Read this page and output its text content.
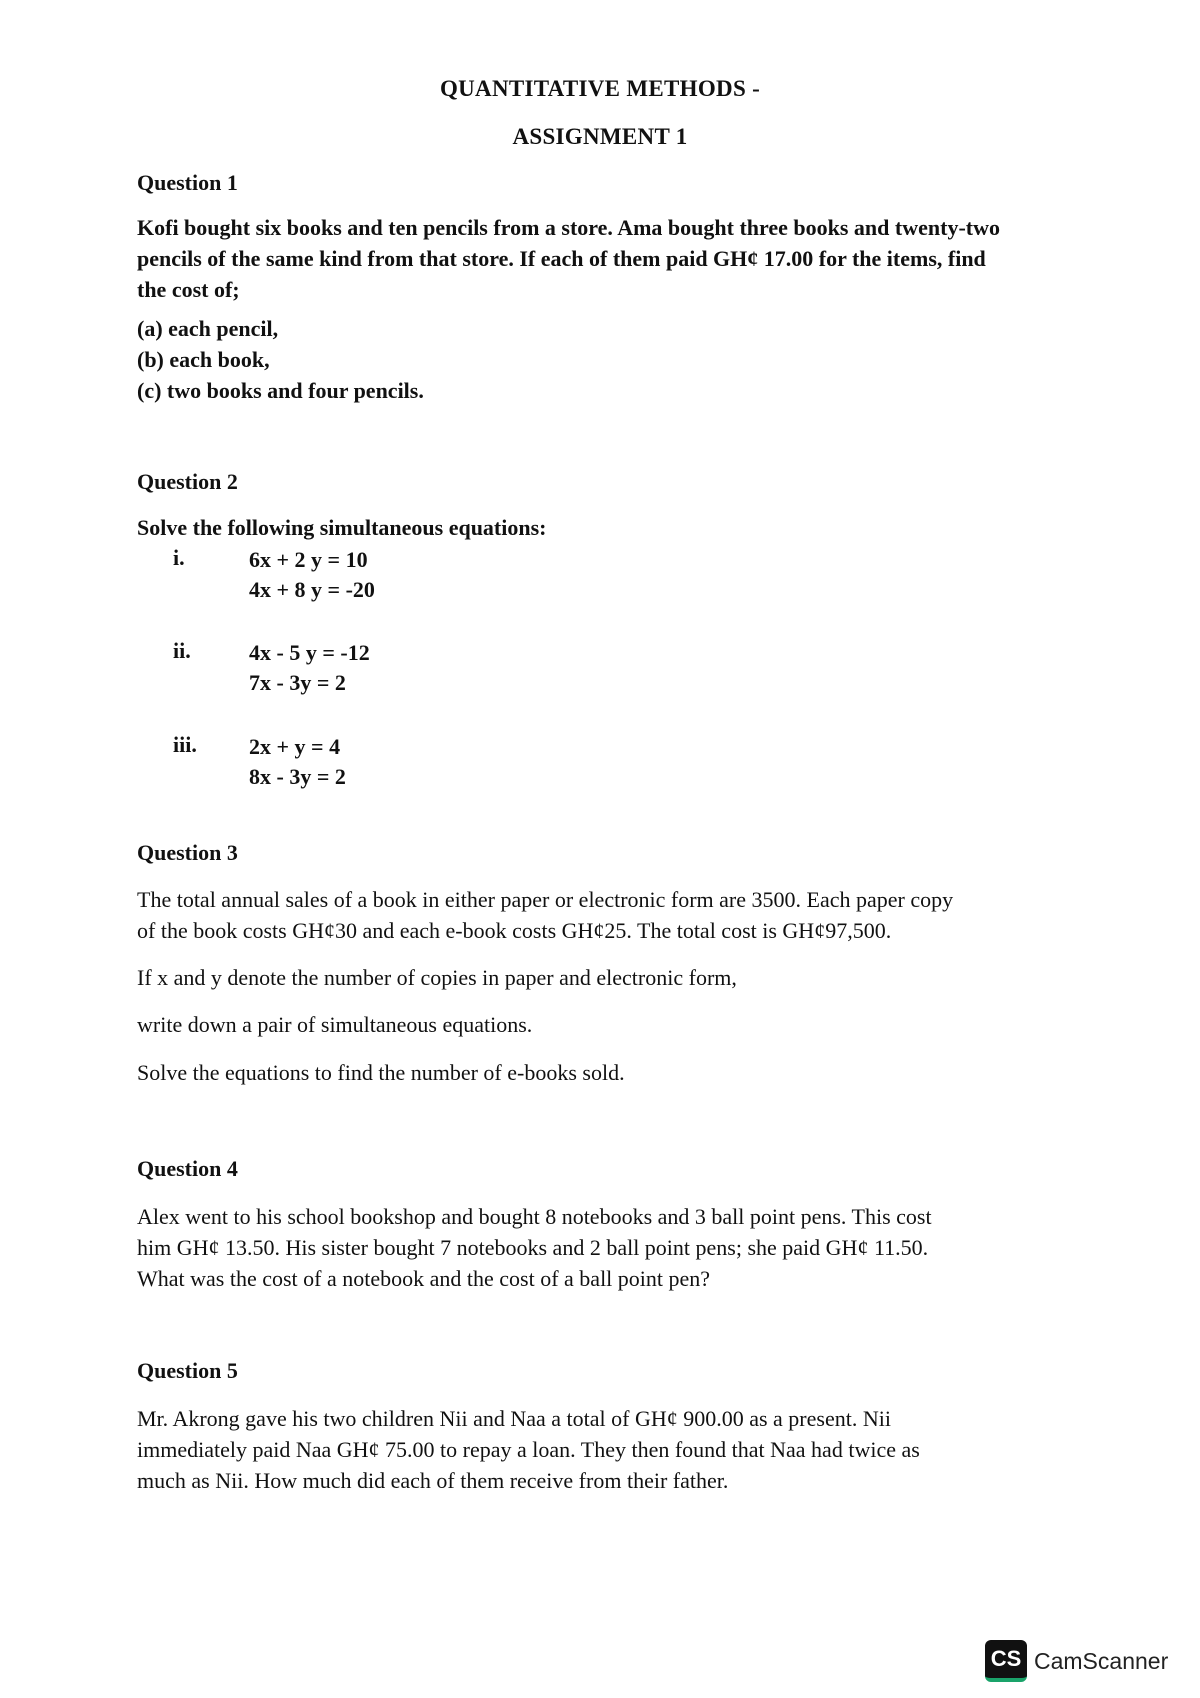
QUANTITATIVE METHODS -
ASSIGNMENT 1
Question 1
Kofi bought six books and ten pencils from a store. Ama bought three books and twenty-two
pencils of the same kind from that store. If each of them paid GH¢ 17.00 for the items, find
the cost of;
(a) each pencil,
(b) each book,
(c) two books and four pencils.
Question 2
Solve the following simultaneous equations:
i.	6x + 2 y = 10
4x + 8 y = -20
ii.	4x - 5 y = -12
7x - 3y = 2
iii.	2x + y = 4
8x - 3y = 2
Question 3
The total annual sales of a book in either paper or electronic form are 3500. Each paper copy
of the book costs GH¢30 and each e-book costs GH¢25. The total cost is GH¢97,500.
If x and y denote the number of copies in paper and electronic form,
write down a pair of simultaneous equations.
Solve the equations to find the number of e-books sold.
Question 4
Alex went to his school bookshop and bought 8 notebooks and 3 ball point pens. This cost
him GH¢ 13.50. His sister bought 7 notebooks and 2 ball point pens; she paid GH¢ 11.50.
What was the cost of a notebook and the cost of a ball point pen?
Question 5
Mr. Akrong gave his two children Nii and Naa a total of GH¢ 900.00 as a present. Nii
immediately paid Naa GH¢ 75.00 to repay a loan. They then found that Naa had twice as
much as Nii. How much did each of them receive from their father.
CS CamScanner
